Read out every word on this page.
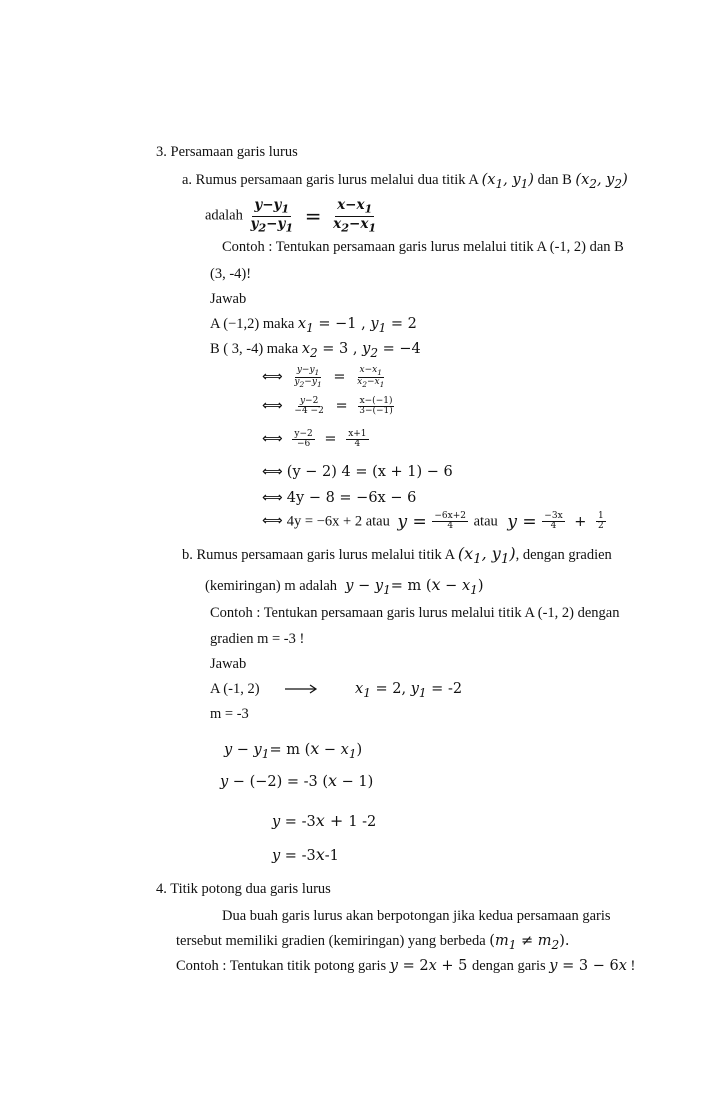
3. Persamaan garis lurus
a. Rumus persamaan garis lurus melalui dua titik A ($x_1$, $y_1$) dan B ($x_2$, $y_2$)
adalah $\frac{y-y_1}{y_2-y_1} = \frac{x-x_1}{x_2-x_1}$
Contoh : Tentukan persamaan garis lurus melalui titik A (-1, 2) dan B
(3, -4)!
Jawab
A (−1,2) maka $x_1 = -1$ , $y_1 = 2$
B ( 3, -4) maka $x_2 = 3$ , $y_2 = -4$
⟺ $\frac{y-y_1}{y_2-y_1} = \frac{x-x_1}{x_2-x_1}$
⟺ $\frac{y-2}{-4 -2} = \frac{x-(-1)}{3-(-1)}$
⟺ $\frac{y-2}{-6} = \frac{x+1}{4}$
⟺ (y − 2) 4 = (x + 1) − 6
⟺ 4y − 8 = −6x − 6
⟺ 4y = −6x + 2 atau $y = \frac{-6x+2}{4}$ atau $y = \frac{-3x}{4} + \frac{1}{2}$
b. Rumus persamaan garis lurus melalui titik A ($x_1$, $y_1$), dengan gradien
(kemiringan) m adalah  $y - y_1= m$ $(x - x_1)$
Contoh : Tentukan persamaan garis lurus melalui titik A (-1, 2) dengan
gradien m = -3 !
Jawab
A (-1, 2)	$x_1 = 2$, $y_1 = -2$
m = -3
$y - y_1= m$ $(x - x_1)$
y − (−2) = -3 (x − 1)
y = -3x + 1 -2
y = -3x-1
4. Titik potong dua garis lurus
Dua buah garis lurus akan berpotongan jika kedua persamaan garis
tersebut memiliki gradien (kemiringan) yang berbeda $(m_1 \ne m_2)$.
Contoh : Tentukan titik potong garis y = 2x + 5 dengan garis y = 3 − 6x !
